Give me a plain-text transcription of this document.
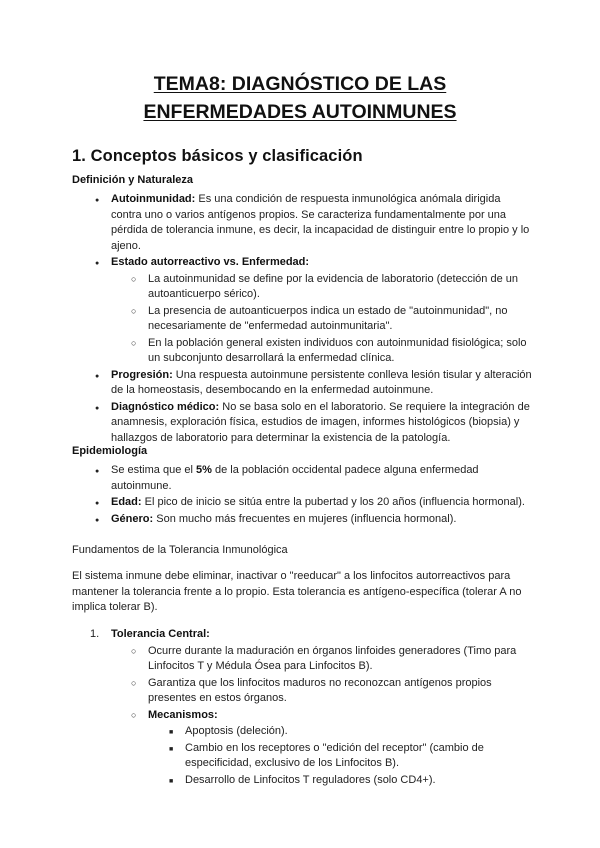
TEMA8: DIAGNÓSTICO DE LAS
ENFERMEDADES AUTOINMUNES
1. Conceptos básicos y clasificación
Definición y Naturaleza
Autoinmunidad: Es una condición de respuesta inmunológica anómala dirigida contra uno o varios antígenos propios. Se caracteriza fundamentalmente por una pérdida de tolerancia inmune, es decir, la incapacidad de distinguir entre lo propio y lo ajeno.
Estado autorreactivo vs. Enfermedad:
La autoinmunidad se define por la evidencia de laboratorio (detección de un autoanticuerpo sérico).
La presencia de autoanticuerpos indica un estado de "autoinmunidad", no necesariamente de "enfermedad autoinmunitaria".
En la población general existen individuos con autoinmunidad fisiológica; solo un subconjunto desarrollará la enfermedad clínica.
Progresión: Una respuesta autoinmune persistente conlleva lesión tisular y alteración de la homeostasis, desembocando en la enfermedad autoinmune.
Diagnóstico médico: No se basa solo en el laboratorio. Se requiere la integración de anamnesis, exploración física, estudios de imagen, informes histológicos (biopsia) y hallazgos de laboratorio para determinar la existencia de la patología.
Epidemiología
Se estima que el 5% de la población occidental padece alguna enfermedad autoinmune.
Edad: El pico de inicio se sitúa entre la pubertad y los 20 años (influencia hormonal).
Género: Son mucho más frecuentes en mujeres (influencia hormonal).

Fundamentos de la Tolerancia Inmunológica

El sistema inmune debe eliminar, inactivar o "reeducar" a los linfocitos autorreactivos para mantener la tolerancia frente a lo propio. Esta tolerancia es antígeno-específica (tolerar A no implica tolerar B).

1. Tolerancia Central:
Ocurre durante la maduración en órganos linfoides generadores (Timo para Linfocitos T y Médula Ósea para Linfocitos B).
Garantiza que los linfocitos maduros no reconozcan antígenos propios presentes en estos órganos.
Mecanismos:
Apoptosis (deleción).
Cambio en los receptores o "edición del receptor" (cambio de especificidad, exclusivo de los Linfocitos B).
Desarrollo de Linfocitos T reguladores (solo CD4+).
